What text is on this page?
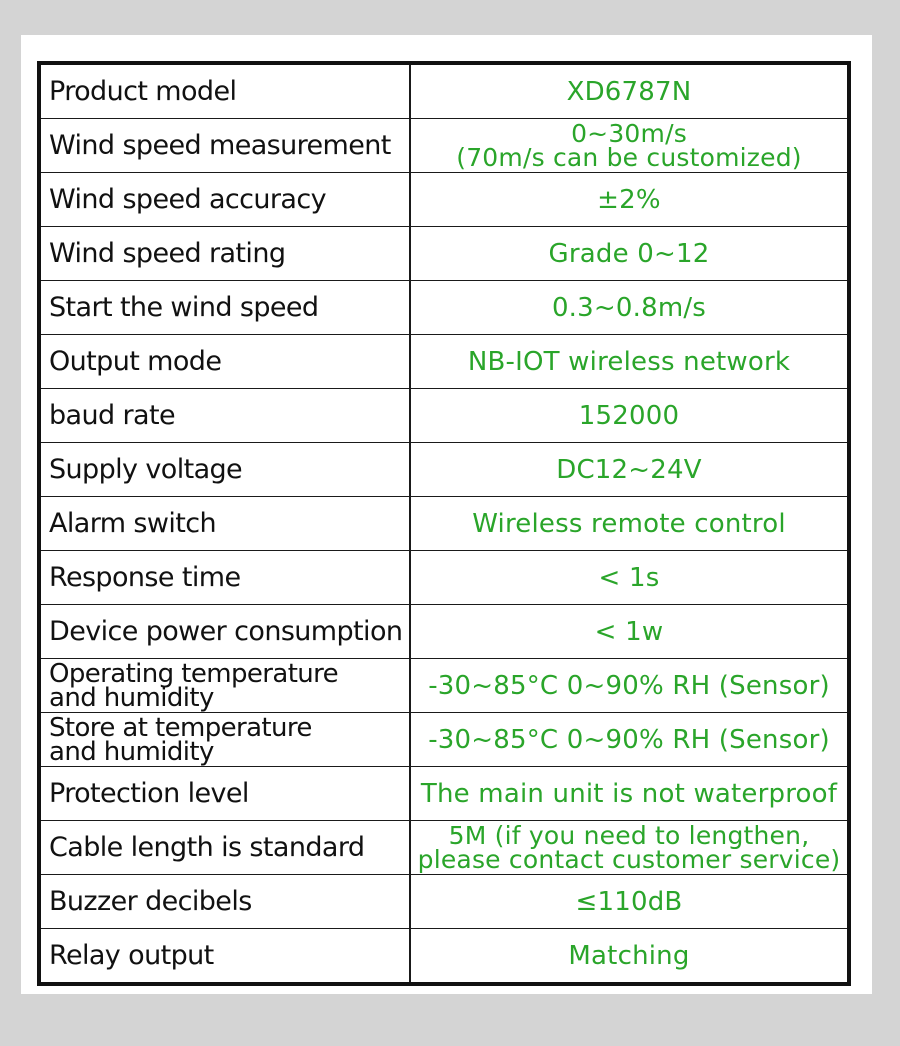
Product model	XD6787N
Wind speed measurement	0~30m/s
(70m/s can be customized)

Wind speed accuracy	±2%
Wind speed rating	Grade 0~12
Start the wind speed	0.3~0.8m/s
Output mode	NB-IOT wireless network
baud rate	152000
Supply voltage	DC12~24V
Alarm switch	Wireless remote control
Response time	< 1s
Device power consumption	< 1w

Operating temperature
and humidity	-30~85°C 0~90% RH (Sensor)

Store at temperature
and humidity	-30~85°C 0~90% RH (Sensor)
Protection level	The main unit is not waterproof
Cable length is standard	5M (if you need to lengthen,
please contact customer service)

Buzzer decibels	≤110dB
Relay output	Matching
